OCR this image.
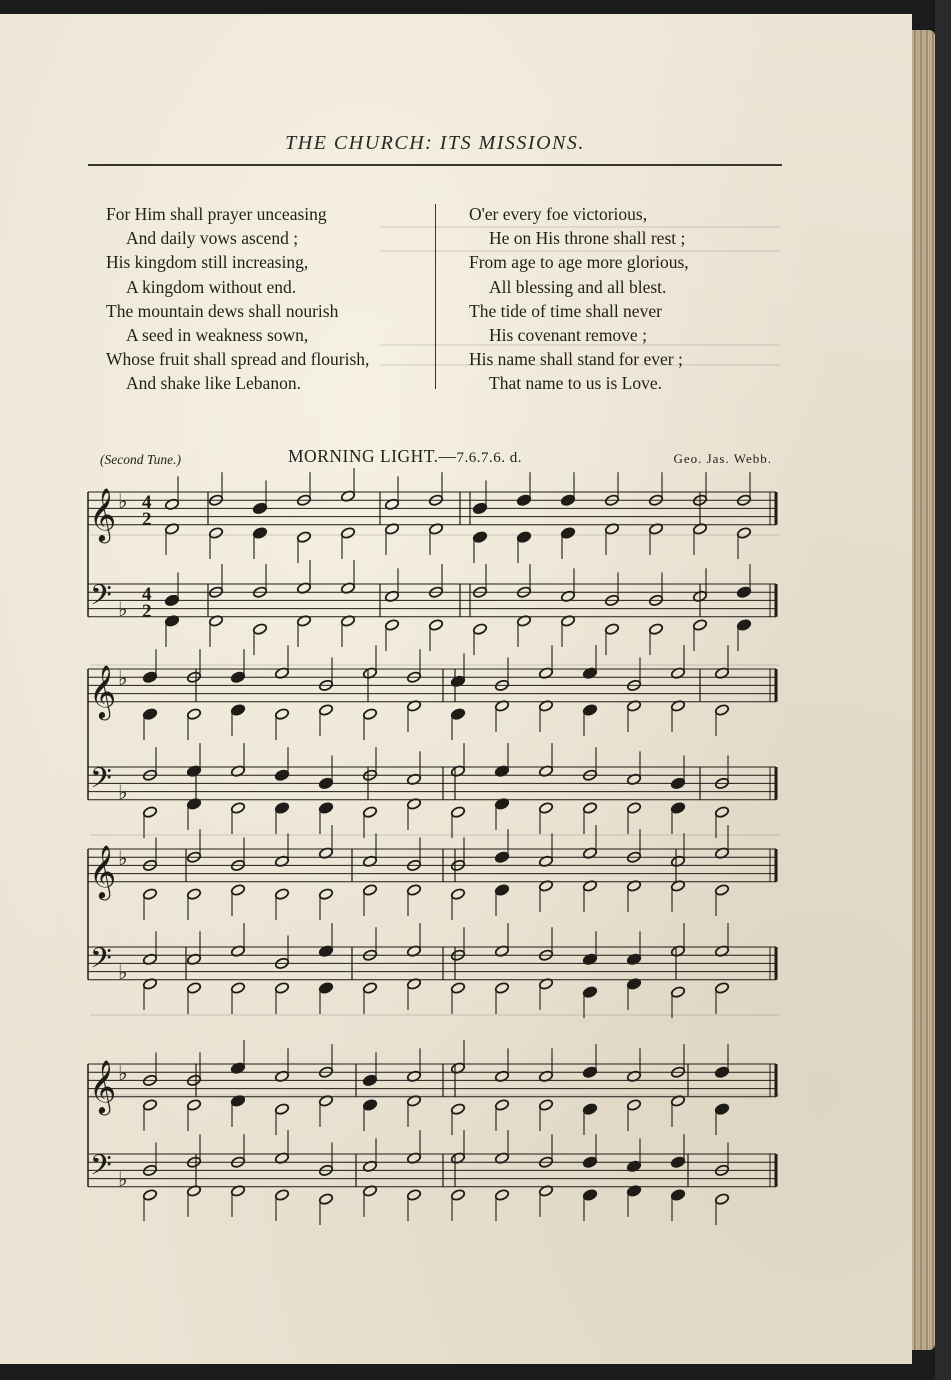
THE CHURCH: ITS MISSIONS.
For Him shall prayer unceasing
And daily vows ascend ;
His kingdom still increasing,
A kingdom without end.
The mountain dews shall nourish
A seed in weakness sown,
Whose fruit shall spread and flourish,
And shake like Lebanon.
O'er every foe victorious,
He on His throne shall rest ;
From age to age more glorious,
All blessing and all blest.
The tide of time shall never
His covenant remove ;
His name shall stand for ever ;
That name to us is Love.
(Second Tune.)	MORNING LIGHT.—7.6.7.6. d.	Geo. Jas. Webb.
𝄞 ♭ 4
2
𝄢 ♭
4
2
𝄞 ♭
𝄢 ♭
𝄞 ♭
𝄢 ♭
𝄞 ♭
𝄢 ♭
